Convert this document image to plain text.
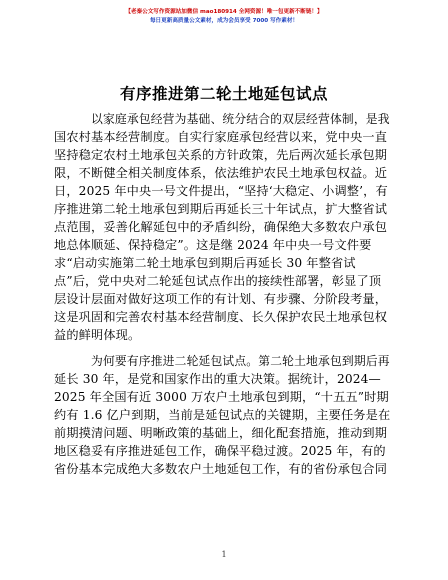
【老秦公文写作资源站加微信 mao180914 全网资源！唯一包更新不断链！】
每日更新高质量公文素材，成为会员享受 7000 写作素材！
有序推进第二轮土地延包试点
以家庭承包经营为基础、统分结合的双层经营体制，是我
国农村基本经营制度。自实行家庭承包经营以来，党中央一直
坚持稳定农村土地承包关系的方针政策，先后两次延长承包期
限，不断健全相关制度体系，依法维护农民土地承包权益。近
日，2025 年中央一号文件提出，“坚持‘大稳定、小调整’，有
序推进第二轮土地承包到期后再延长三十年试点，扩大整省试
点范围，妥善化解延包中的矛盾纠纷，确保绝大多数农户承包
地总体顺延、保持稳定”。这是继 2024 年中央一号文件要
求“启动实施第二轮土地承包到期后再延长 30 年整省试
点”后，党中央对二轮延包试点作出的接续性部署，彰显了顶
层设计层面对做好这项工作的有计划、有步骤、分阶段考量，
这是巩固和完善农村基本经营制度、长久保护农民土地承包权
益的鲜明体现。
为何要有序推进二轮延包试点。第二轮土地承包到期后再
延长 30 年，是党和国家作出的重大决策。据统计，2024—
2025 年全国有近 3000 万农户土地承包到期，“十五五”时期
约有 1.6 亿户到期，当前是延包试点的关键期，主要任务是在
前期摸清问题、明晰政策的基础上，细化配套措施，推动到期
地区稳妥有序推进延包工作，确保平稳过渡。2025 年，有的
省份基本完成绝大多数农户土地延包工作，有的省份承包合同
1
